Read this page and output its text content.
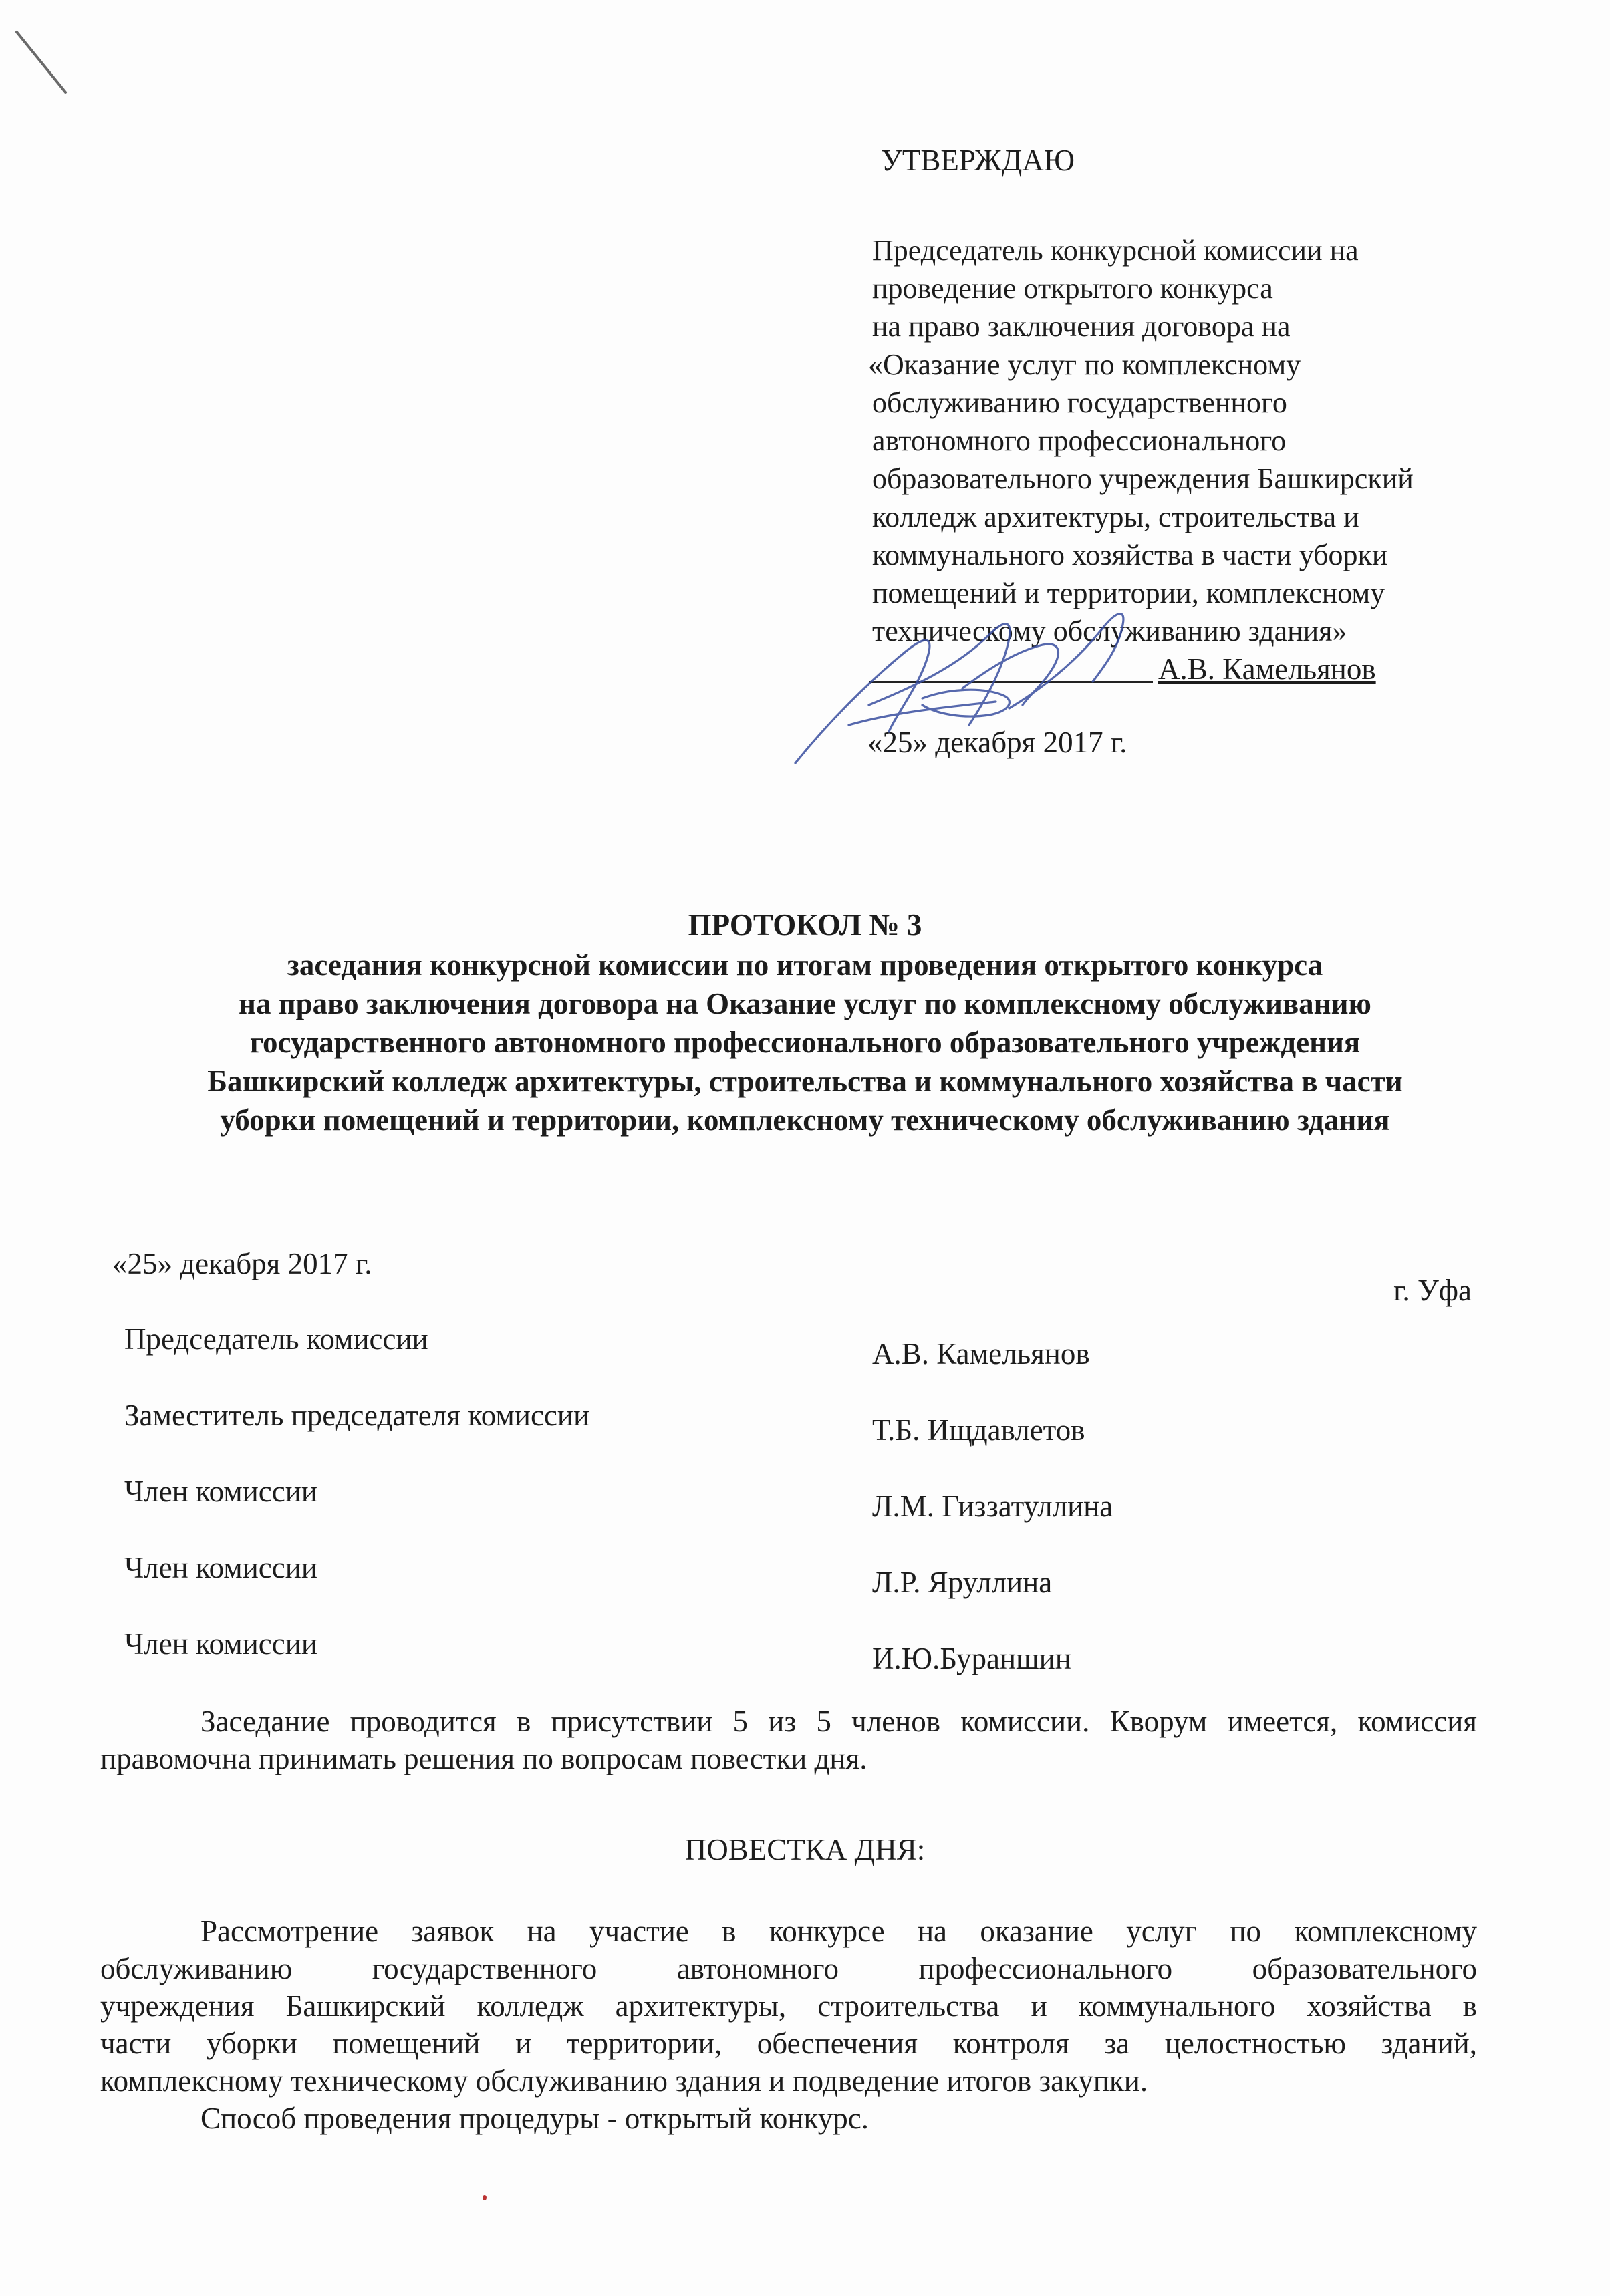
УТВЕРЖДАЮ
Председатель конкурсной комиссии на
проведение открытого конкурса
на право заключения договора на
«Оказание услуг по комплексному
обслуживанию государственного
автономного профессионального
образовательного учреждения Башкирский
колледж архитектуры, строительства и
коммунального хозяйства в части уборки
помещений и территории, комплексному
техническому обслуживанию здания»
А.В. Камельянов
«25» декабря 2017 г.
ПРОТОКОЛ № 3
заседания конкурсной комиссии по итогам проведения открытого конкурса
на право заключения договора на Оказание услуг по комплексному обслуживанию
государственного автономного профессионального образовательного учреждения
Башкирский колледж архитектуры, строительства и коммунального хозяйства в части
уборки помещений и территории, комплексному техническому обслуживанию здания
«25» декабря 2017 г.
г. Уфа
Председатель комиссии	А.В. Камельянов
Заместитель председателя комиссии	Т.Б. Ищдавлетов
Член комиссии	Л.М. Гиззатуллина
Член комиссии	Л.Р. Яруллина
Член комиссии	И.Ю.Бураншин
Заседание проводится в присутствии 5 из 5 членов комиссии. Кворум имеется, комиссия
правомочна принимать решения по вопросам повестки дня.
ПОВЕСТКА ДНЯ:
Рассмотрение заявок на участие в конкурсе на оказание услуг по комплексному
обслуживанию государственного автономного профессионального образовательного
учреждения Башкирский колледж архитектуры, строительства и коммунального хозяйства в
части уборки помещений и территории, обеспечения контроля за целостностью зданий,
комплексному техническому обслуживанию здания и подведение итогов закупки.
Способ проведения процедуры - открытый конкурс.
